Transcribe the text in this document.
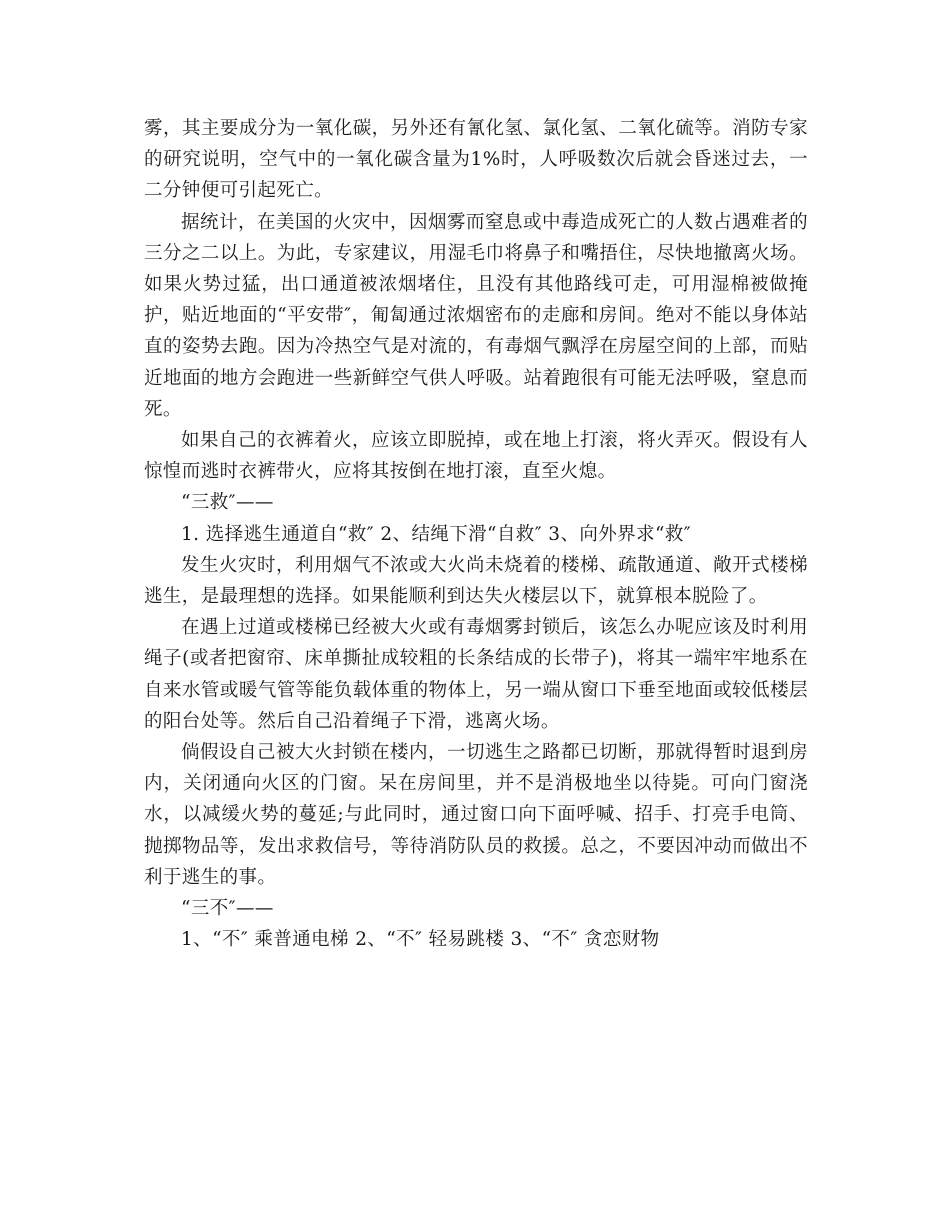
雾，其主要成分为一氧化碳，另外还有氰化氢、氯化氢、二氧化硫等。消防专家的研究说明，空气中的一氧化碳含量为1%时，人呼吸数次后就会昏迷过去，一二分钟便可引起死亡。

据统计，在美国的火灾中，因烟雾而窒息或中毒造成死亡的人数占遇难者的三分之二以上。为此，专家建议，用湿毛巾将鼻子和嘴捂住，尽快地撤离火场。如果火势过猛，出口通道被浓烟堵住，且没有其他路线可走，可用湿棉被做掩护，贴近地面的“平安带″，匍匐通过浓烟密布的走廊和房间。绝对不能以身体站直的姿势去跑。因为冷热空气是对流的，有毒烟气飘浮在房屋空间的上部，而贴近地面的地方会跑进一些新鲜空气供人呼吸。站着跑很有可能无法呼吸，窒息而死。

如果自己的衣裤着火，应该立即脱掉，或在地上打滚，将火弄灭。假设有人惊惶而逃时衣裤带火，应将其按倒在地打滚，直至火熄。

“三救″——

1. 选择逃生通道自“救″ 2、结绳下滑“自救″ 3、向外界求“救″

发生火灾时，利用烟气不浓或大火尚未烧着的楼梯、疏散通道、敞开式楼梯逃生，是最理想的选择。如果能顺利到达失火楼层以下，就算根本脱险了。

在遇上过道或楼梯已经被大火或有毒烟雾封锁后，该怎么办呢应该及时利用绳子(或者把窗帘、床单撕扯成较粗的长条结成的长带子)，将其一端牢牢地系在自来水管或暖气管等能负载体重的物体上，另一端从窗口下垂至地面或较低楼层的阳台处等。然后自己沿着绳子下滑，逃离火场。

倘假设自己被大火封锁在楼内，一切逃生之路都已切断，那就得暂时退到房内，关闭通向火区的门窗。呆在房间里，并不是消极地坐以待毙。可向门窗浇水，以减缓火势的蔓延;与此同时，通过窗口向下面呼喊、招手、打亮手电筒、抛掷物品等，发出求救信号，等待消防队员的救援。总之，不要因冲动而做出不利于逃生的事。

“三不″——

1、“不″ 乘普通电梯 2、“不″ 轻易跳楼 3、“不″ 贪恋财物
